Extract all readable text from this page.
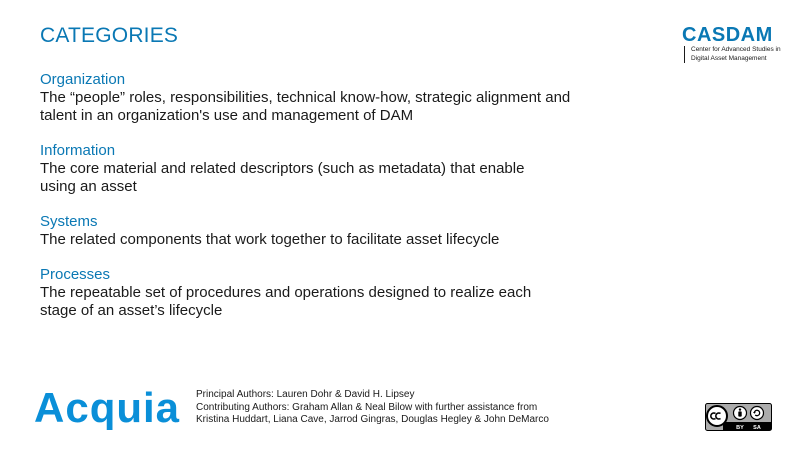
CATEGORIES	CASDAM
Center for Advanced Studies in
Digital Asset Management
Organization
The “people” roles, responsibilities, technical know-how, strategic alignment and talent in an organization's use and management of DAM
Information
The core material and related descriptors (such as metadata) that enable using an asset
Systems
The related components that work together to facilitate asset lifecycle
Processes
The repeatable set of procedures and operations designed to realize each stage of an asset’s lifecycle
Acquia Principal Authors: Lauren Dohr & David H. Lipsey
Contributing Authors: Graham Allan & Neal Bilow with further assistance from
Kristina Huddart, Liana Cave, Jarrod Gingras, Douglas Hegley & John DeMarco
BY SA
